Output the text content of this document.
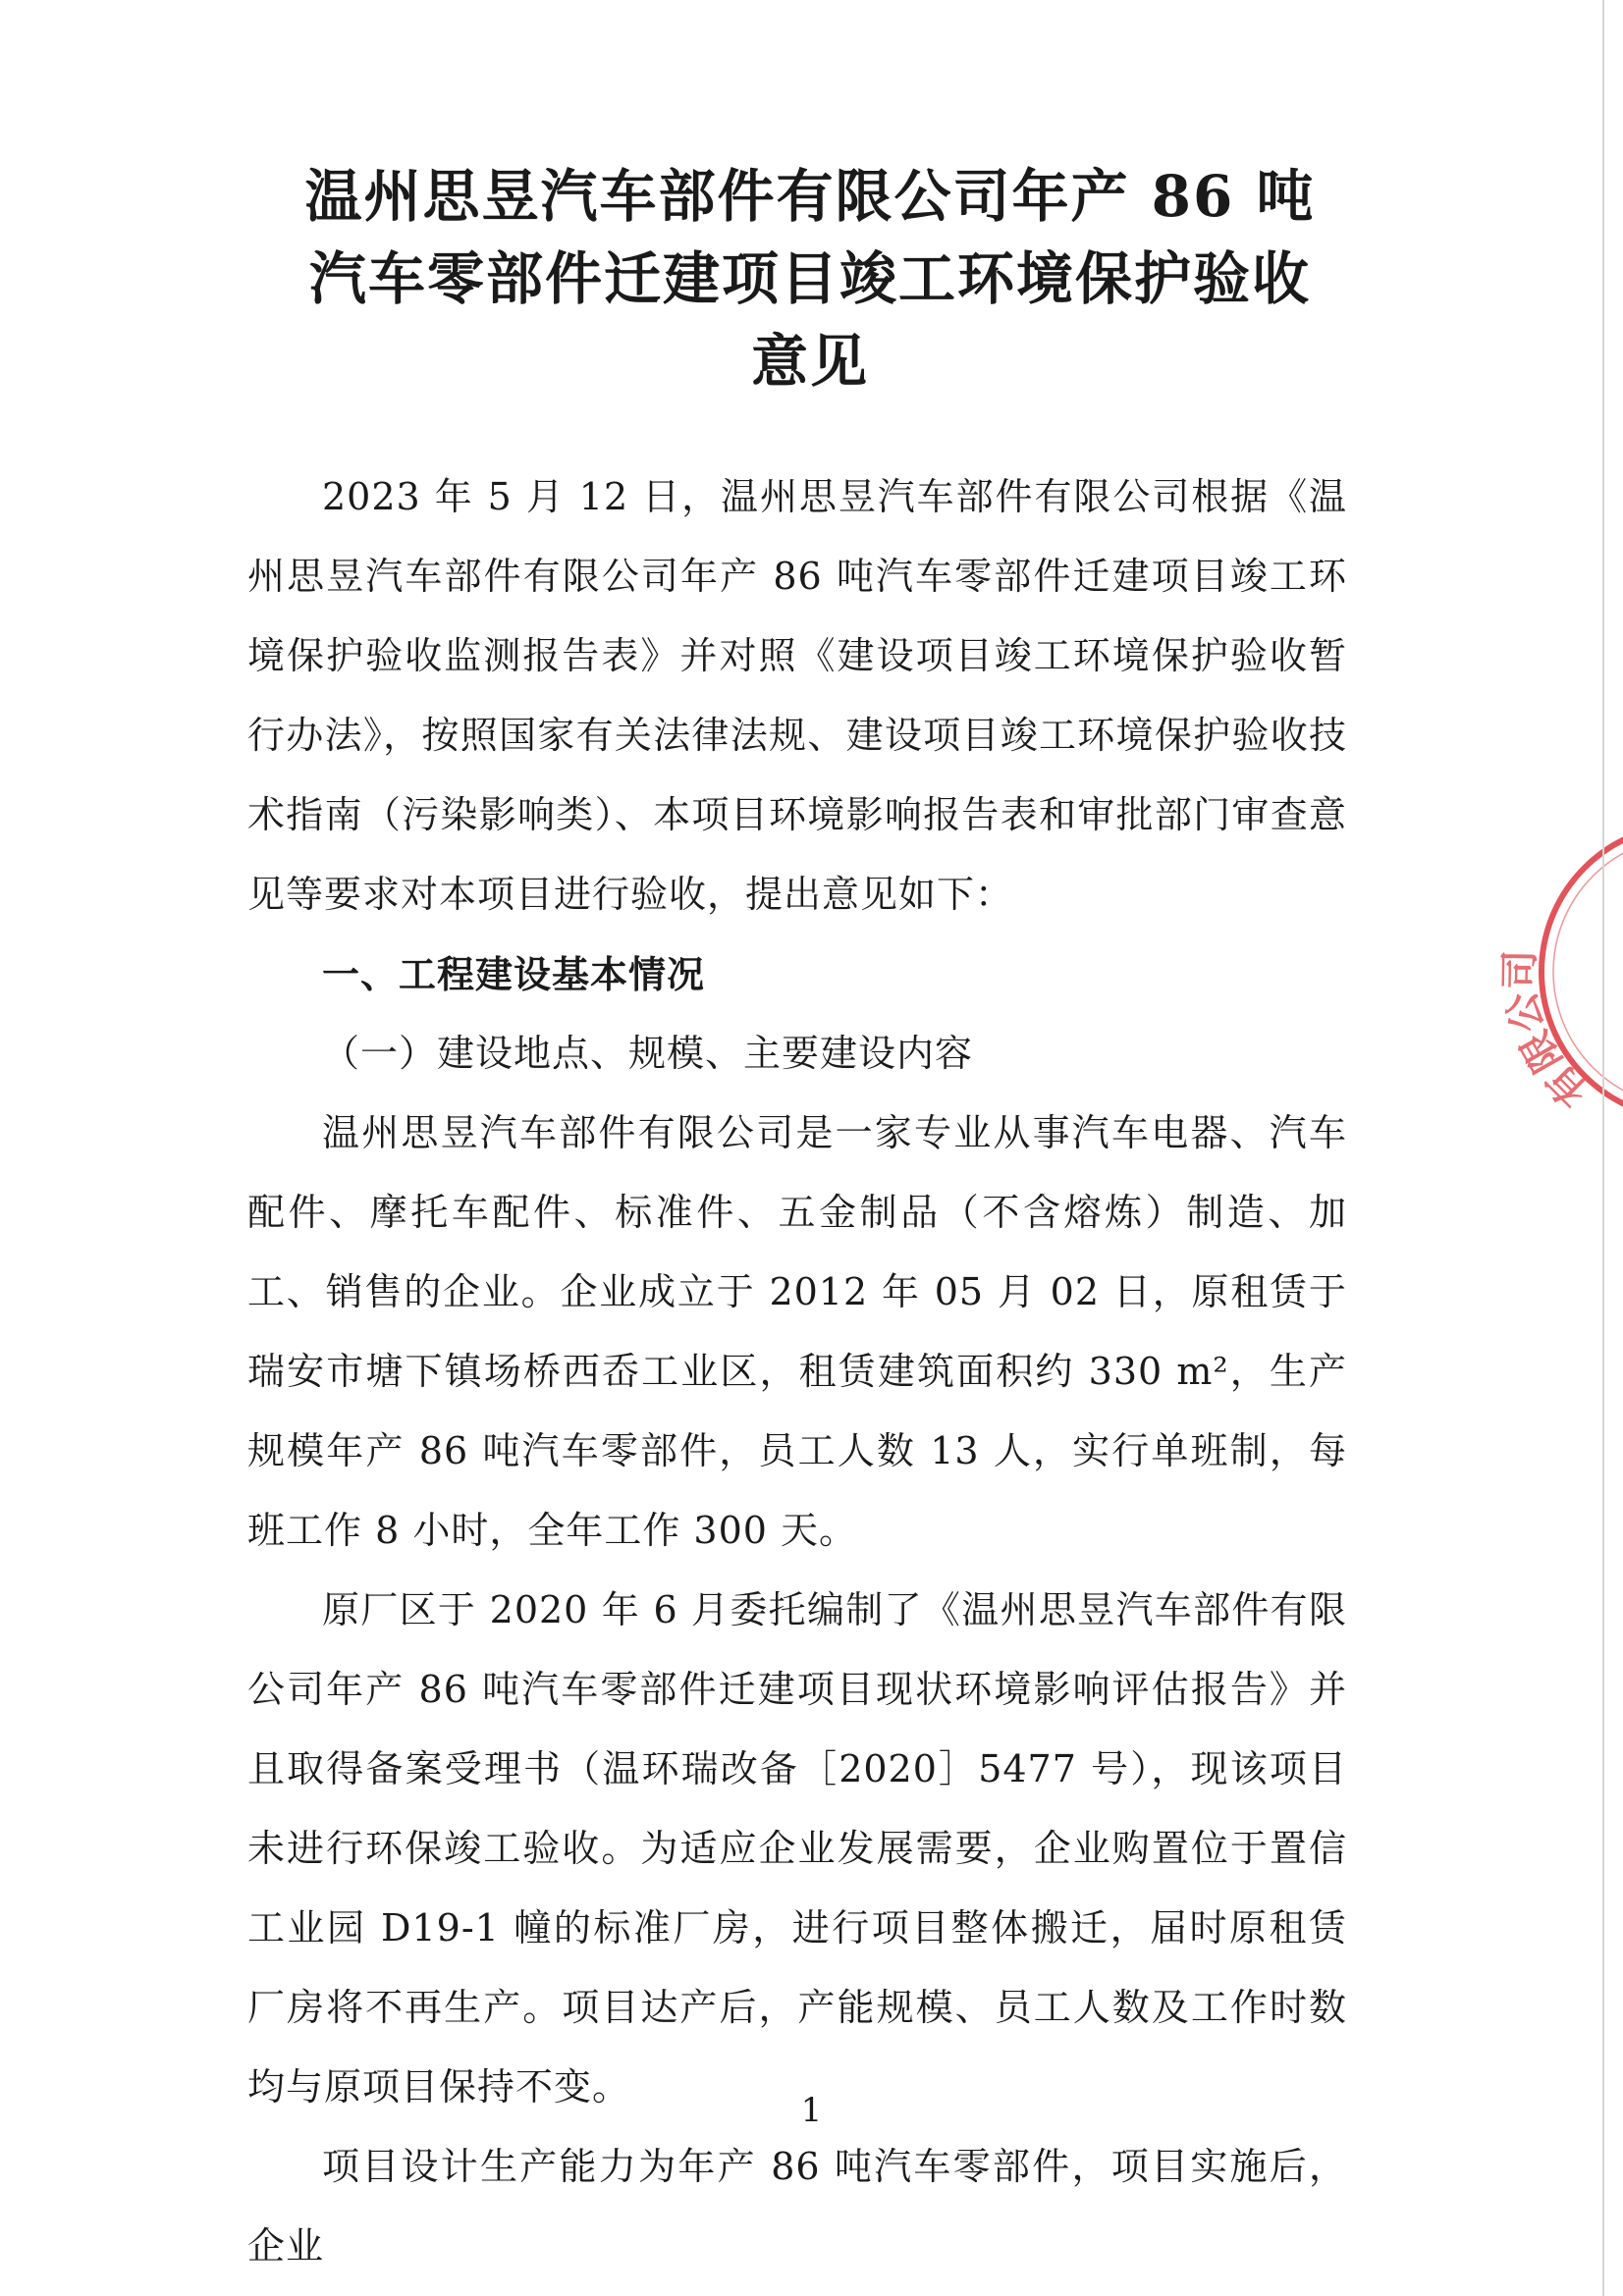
温州思昱汽车部件有限公司年产 86 吨
汽车零部件迁建项目竣工环境保护验收
意见

2023 年 5 月 12 日，温州思昱汽车部件有限公司根据《温州思昱汽车部件有限公司年产 86 吨汽车零部件迁建项目竣工环境保护验收监测报告表》并对照《建设项目竣工环境保护验收暂行办法》，按照国家有关法律法规、建设项目竣工环境保护验收技术指南（污染影响类）、本项目环境影响报告表和审批部门审查意见等要求对本项目进行验收，提出意见如下：

一、工程建设基本情况

（一）建设地点、规模、主要建设内容

温州思昱汽车部件有限公司是一家专业从事汽车电器、汽车配件、摩托车配件、标准件、五金制品（不含熔炼）制造、加工、销售的企业。企业成立于 2012 年 05 月 02 日，原租赁于瑞安市塘下镇场桥西岙工业区，租赁建筑面积约 330 m²，生产规模年产 86 吨汽车零部件，员工人数 13 人，实行单班制，每班工作 8 小时，全年工作 300 天。

原厂区于 2020 年 6 月委托编制了《温州思昱汽车部件有限公司年产 86 吨汽车零部件迁建项目现状环境影响评估报告》并且取得备案受理书（温环瑞改备［2020］5477 号），现该项目未进行环保竣工验收。为适应企业发展需要，企业购置位于置信工业园 D19-1 幢的标准厂房，进行项目整体搬迁，届时原租赁厂房将不再生产。项目达产后，产能规模、员工人数及工作时数均与原项目保持不变。

项目设计生产能力为年产 86 吨汽车零部件，项目实施后，企业

1
有限公司
